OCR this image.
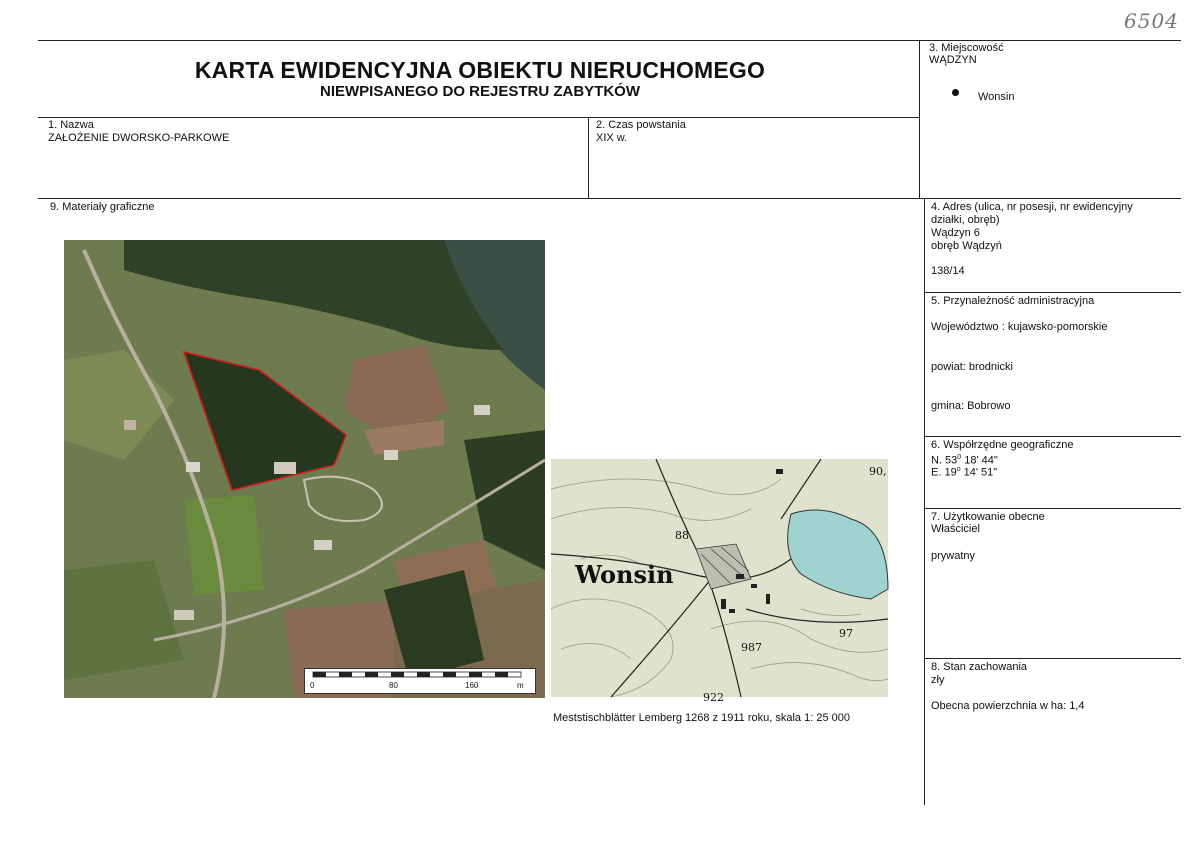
6504
KARTA EWIDENCYJNA OBIEKTU NIERUCHOMEGO
NIEWPISANEGO DO REJESTRU ZABYTKÓW
3. Miejscowość
WĄDZYN
Wonsin
1. Nazwa
ZAŁOŻENIE DWORSKO-PARKOWE
2. Czas powstania
XIX w.
9. Materiały graficzne
0	80	160	m
Wonsin
90,
88
97
987
922
Meststischblätter Lemberg 1268 z 1911 roku, skala 1: 25 000
4. Adres (ulica, nr posesji, nr ewidencyjny
działki, obręb)
Wądzyn 6
obręb Wądzyń
138/14
5. Przynależność administracyjna
Województwo : kujawsko-pomorskie
powiat: brodnicki
gmina: Bobrowo
6. Współrzędne geograficzne
N. $53^0$ 18' 44"
E. 19$^o$ 14' 51"
7. Użytkowanie obecne
Właściciel
prywatny
8. Stan zachowania
zły
Obecna powierzchnia w ha: 1,4
